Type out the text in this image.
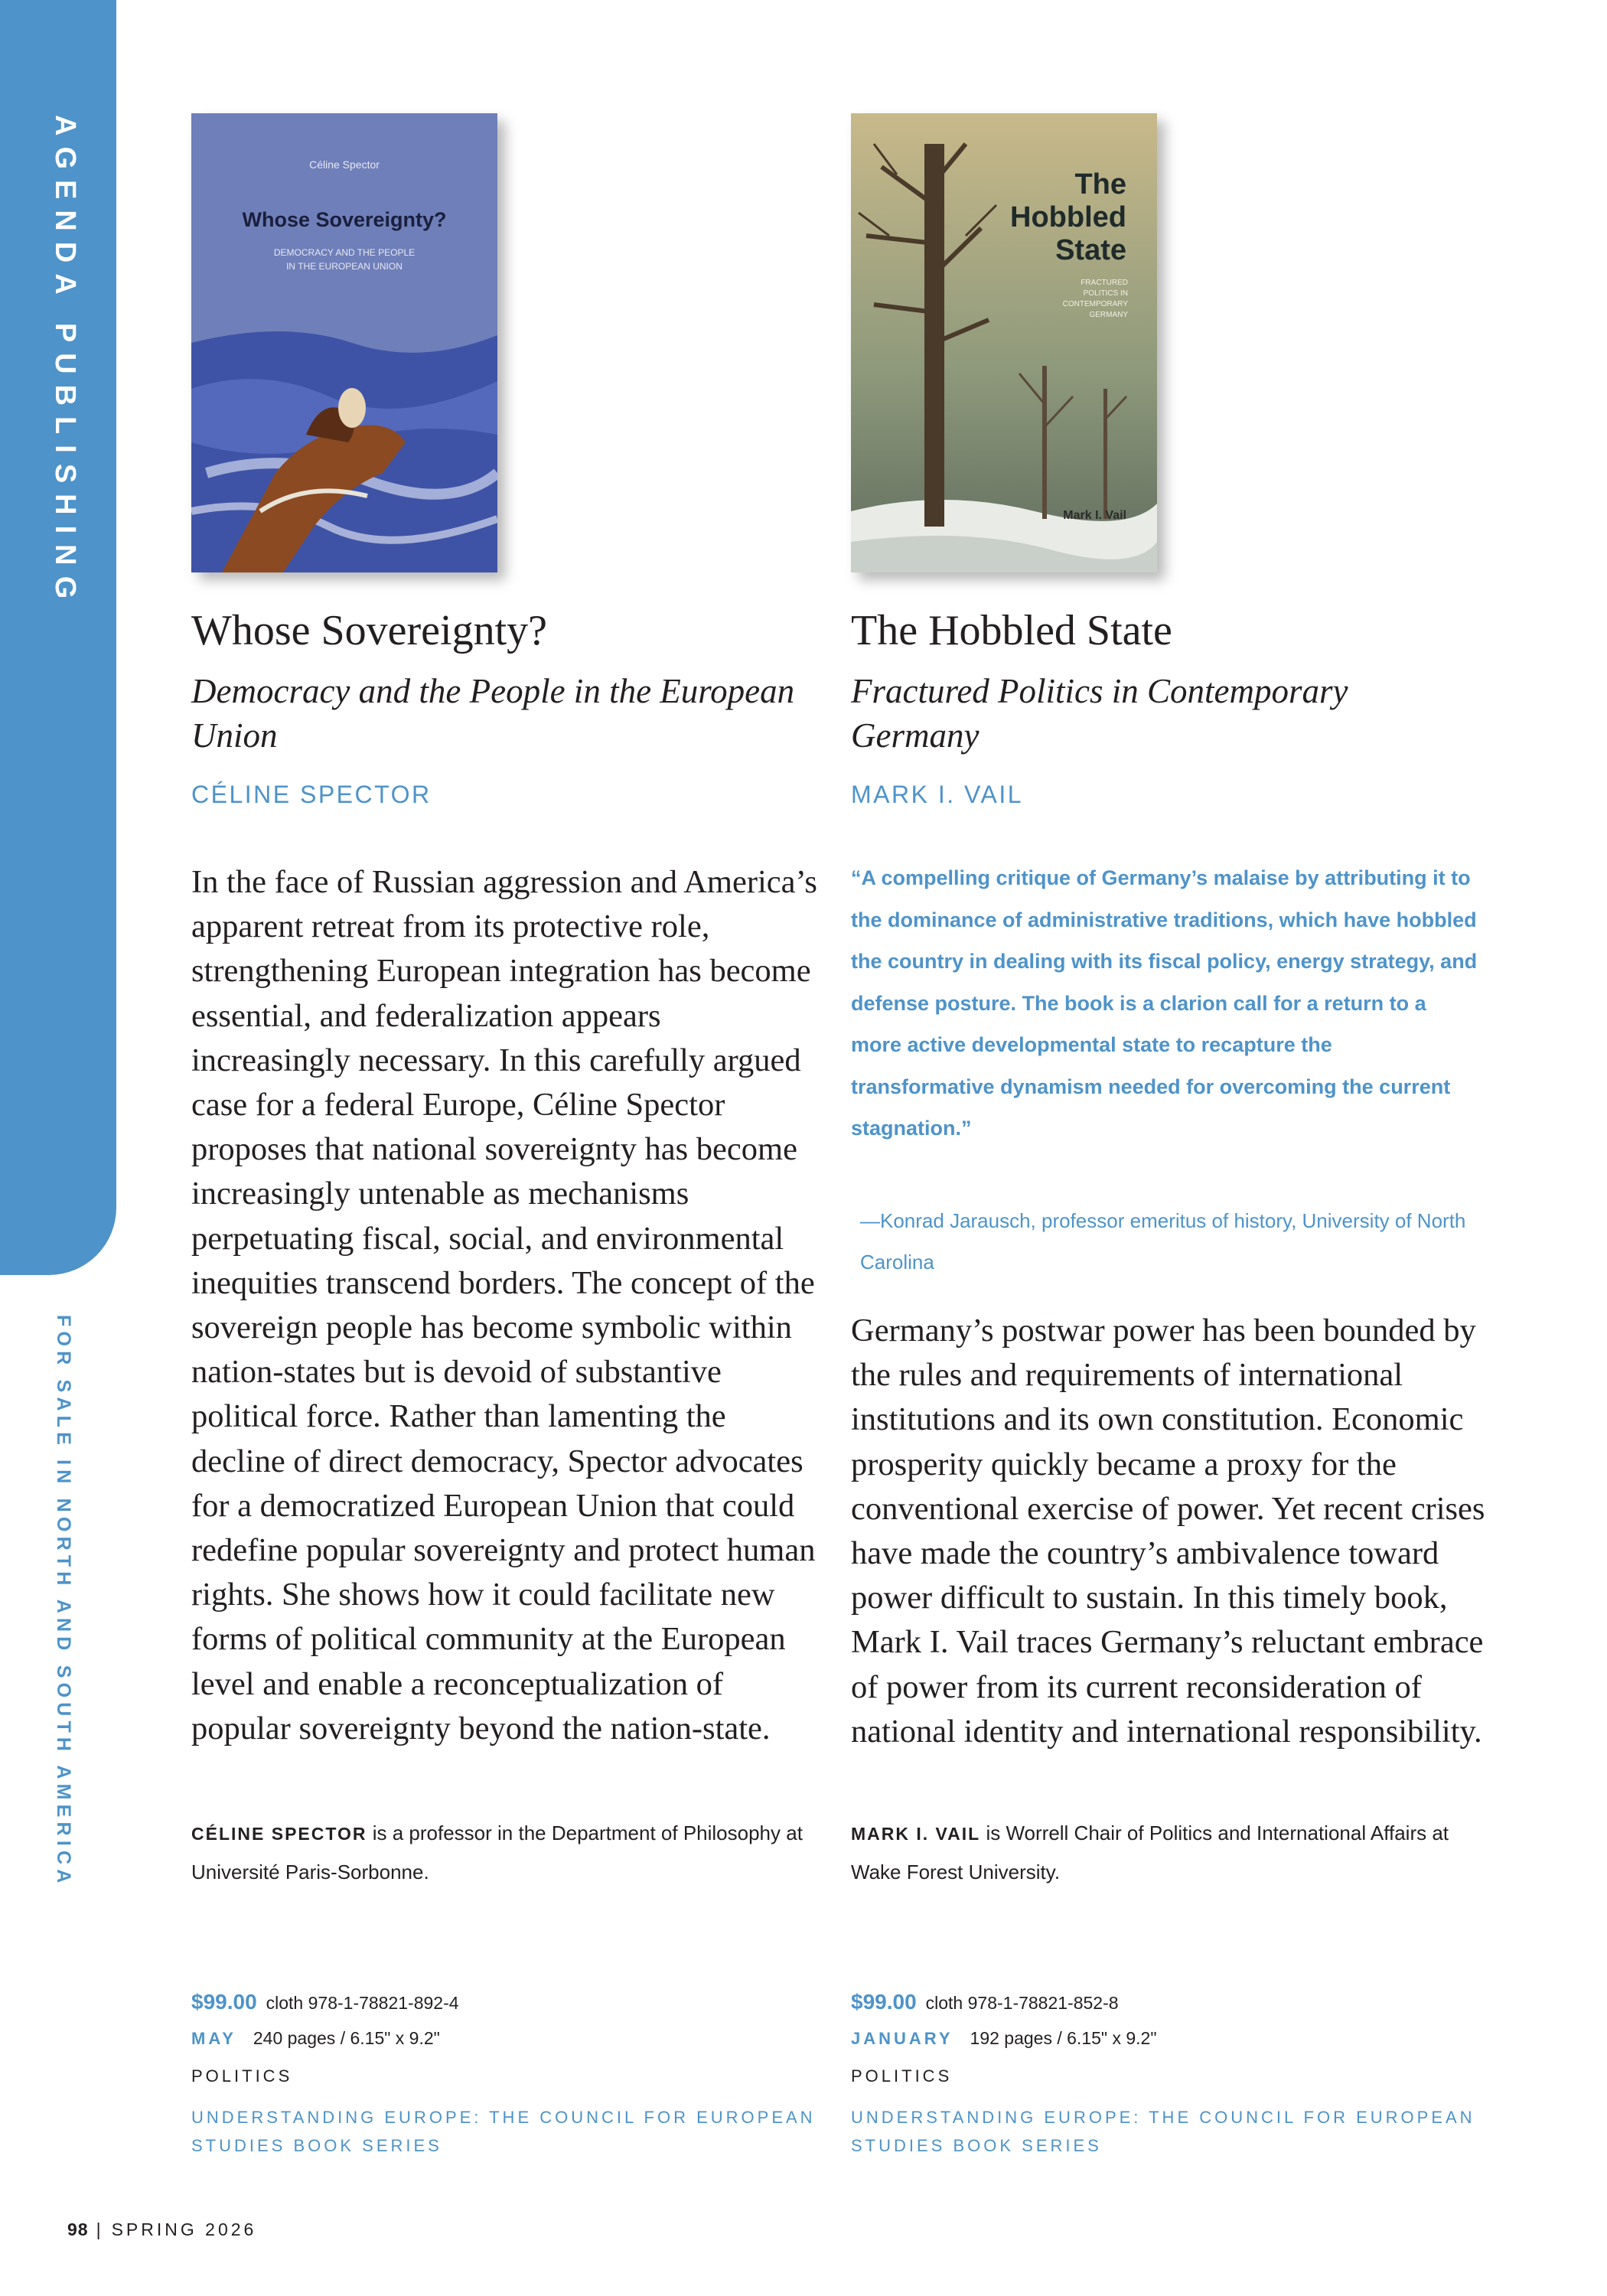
AGENDA PUBLISHING
FOR SALE IN NORTH AND SOUTH AMERICA
Céline Spector
Whose Sovereignty?
DEMOCRACY AND THE PEOPLE
IN THE EUROPEAN UNION
Whose Sovereignty?

Democracy and the People in the European Union

CÉLINE SPECTOR

In the face of Russian aggression and America’s apparent retreat from its protective role, strengthening European integration has become essential, and federalization appears increasingly necessary. In this carefully argued case for a federal Europe, Céline Spector proposes that national sovereignty has become increasingly untenable as mechanisms perpetuating fiscal, social, and environmental inequities transcend borders. The concept of the sovereign people has become symbolic within nation-states but is devoid of substantive political force. Rather than lamenting the decline of direct democracy, Spector advocates for a democratized European Union that could redefine popular sovereignty and protect human rights. She shows how it could facilitate new forms of political community at the European level and enable a reconceptualization of popular sovereignty beyond the nation-state.

CÉLINE SPECTOR is a professor in the Department of Philosophy at Université Paris-Sorbonne.

$99.00 cloth 978-1-78821-892-4
MAY 240 pages / 6.15" x 9.2"
POLITICS
UNDERSTANDING EUROPE: THE COUNCIL FOR EUROPEAN STUDIES BOOK SERIES
The
Hobbled
State
FRACTURED
POLITICS IN
CONTEMPORARY
GERMANY
Mark I. Vail
The Hobbled State

Fractured Politics in Contemporary Germany

MARK I. VAIL

“A compelling critique of Germany’s malaise by attributing it to the dominance of administrative traditions, which have hobbled the country in dealing with its fiscal policy, energy strategy, and defense posture. The book is a clarion call for a return to a more active developmental state to recapture the transformative dynamism needed for overcoming the current stagnation.”

—Konrad Jarausch, professor emeritus of history, University of North Carolina

Germany’s postwar power has been bounded by the rules and requirements of international institutions and its own constitution. Economic prosperity quickly became a proxy for the conventional exercise of power. Yet recent crises have made the country’s ambivalence toward power difficult to sustain. In this timely book, Mark I. Vail traces Germany’s reluctant embrace of power from its current reconsideration of national identity and international responsibility.

MARK I. VAIL is Worrell Chair of Politics and International Affairs at Wake Forest University.

$99.00 cloth 978-1-78821-852-8
JANUARY 192 pages / 6.15" x 9.2"
POLITICS
UNDERSTANDING EUROPE: THE COUNCIL FOR EUROPEAN STUDIES BOOK SERIES
98 | SPRING 2026
